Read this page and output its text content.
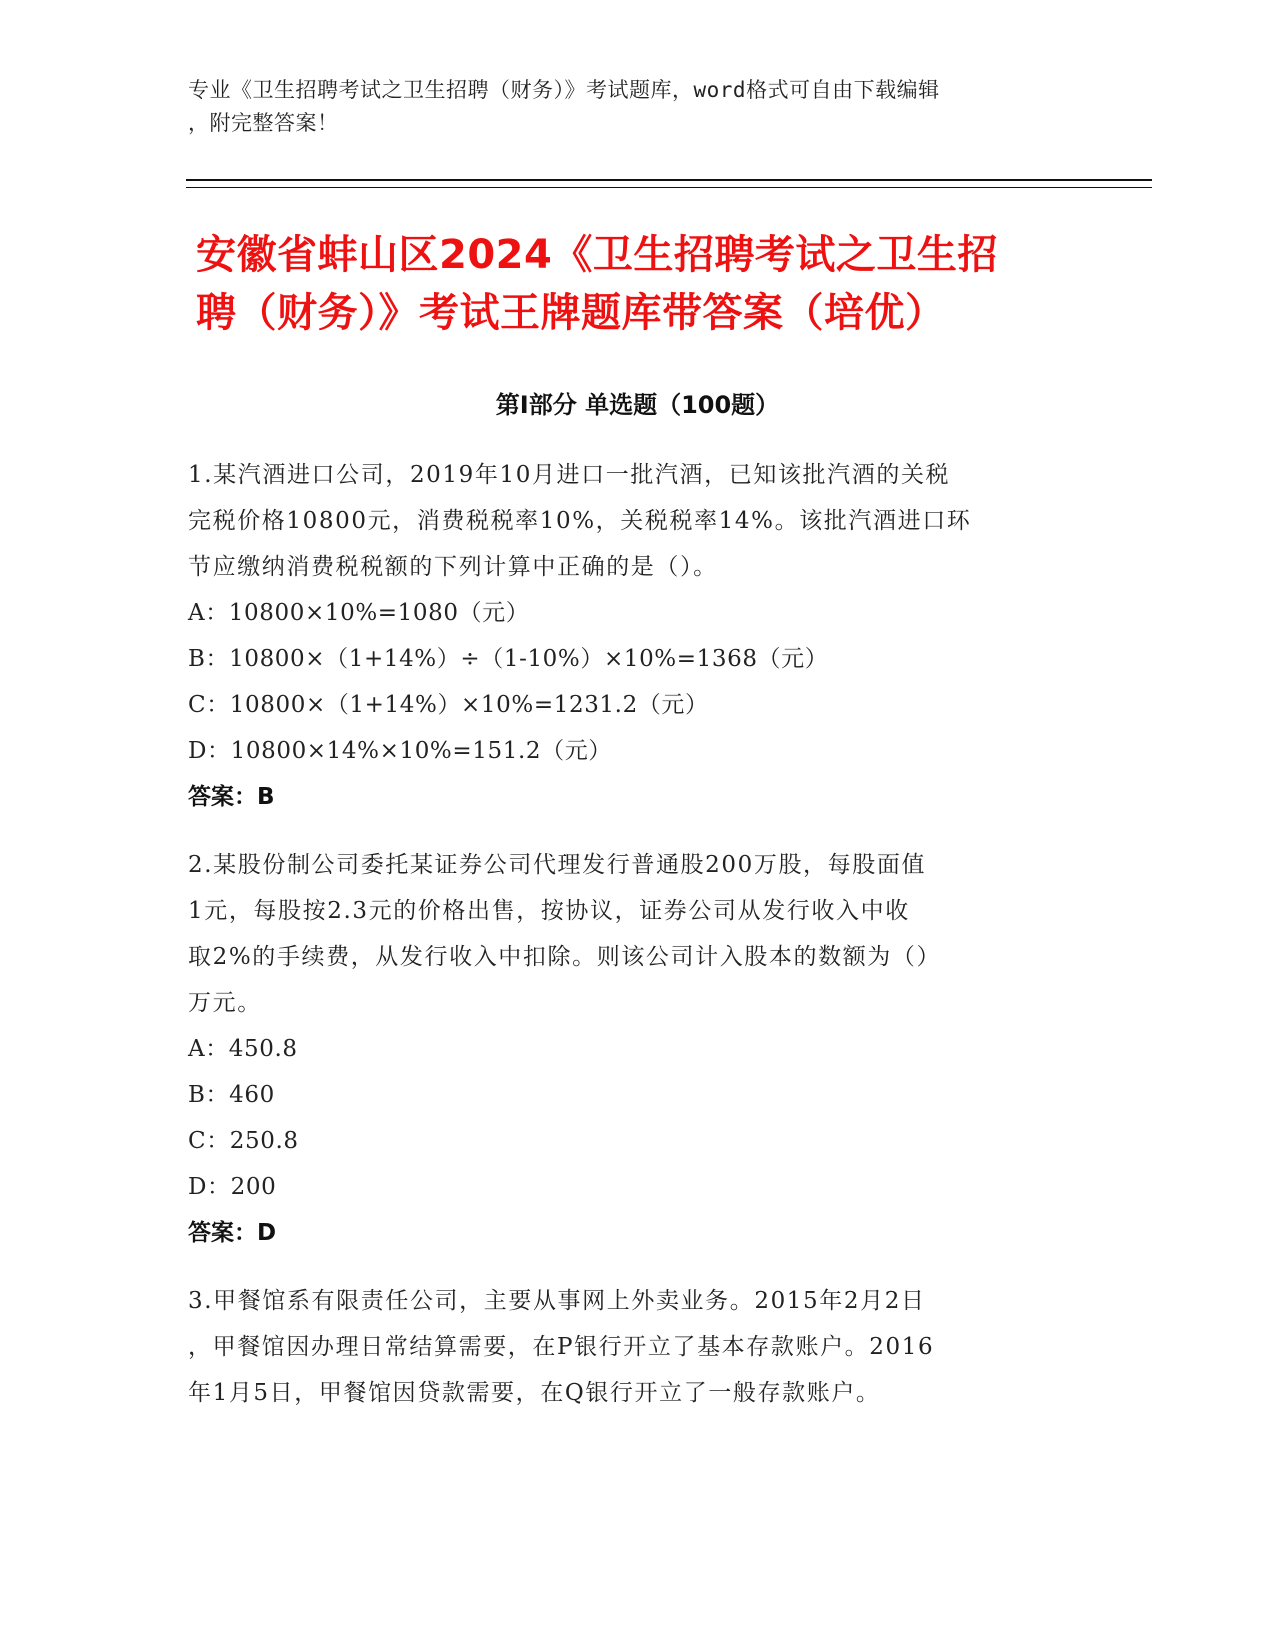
专业《卫生招聘考试之卫生招聘（财务）》考试题库，word格式可自由下载编辑
，附完整答案！
安徽省蚌山区2024《卫生招聘考试之卫生招
聘（财务）》考试王牌题库带答案（培优）
第Ⅰ部分 单选题（100题）
1.某汽酒进口公司，2019年10月进口一批汽酒，已知该批汽酒的关税
完税价格10800元，消费税税率10%，关税税率14%。该批汽酒进口环
节应缴纳消费税税额的下列计算中正确的是（）。
A：10800×10%=1080（元）
B：10800×（1+14%）÷（1-10%）×10%=1368（元）
C：10800×（1+14%）×10%=1231.2（元）
D：10800×14%×10%=151.2（元）
答案：B
2.某股份制公司委托某证券公司代理发行普通股200万股，每股面值
1元，每股按2.3元的价格出售，按协议，证券公司从发行收入中收
取2%的手续费，从发行收入中扣除。则该公司计入股本的数额为（）
万元。
A：450.8
B：460
C：250.8
D：200
答案：D
3.甲餐馆系有限责任公司，主要从事网上外卖业务。2015年2月2日
，甲餐馆因办理日常结算需要，在P银行开立了基本存款账户。2016
年1月5日，甲餐馆因贷款需要，在Q银行开立了一般存款账户。
